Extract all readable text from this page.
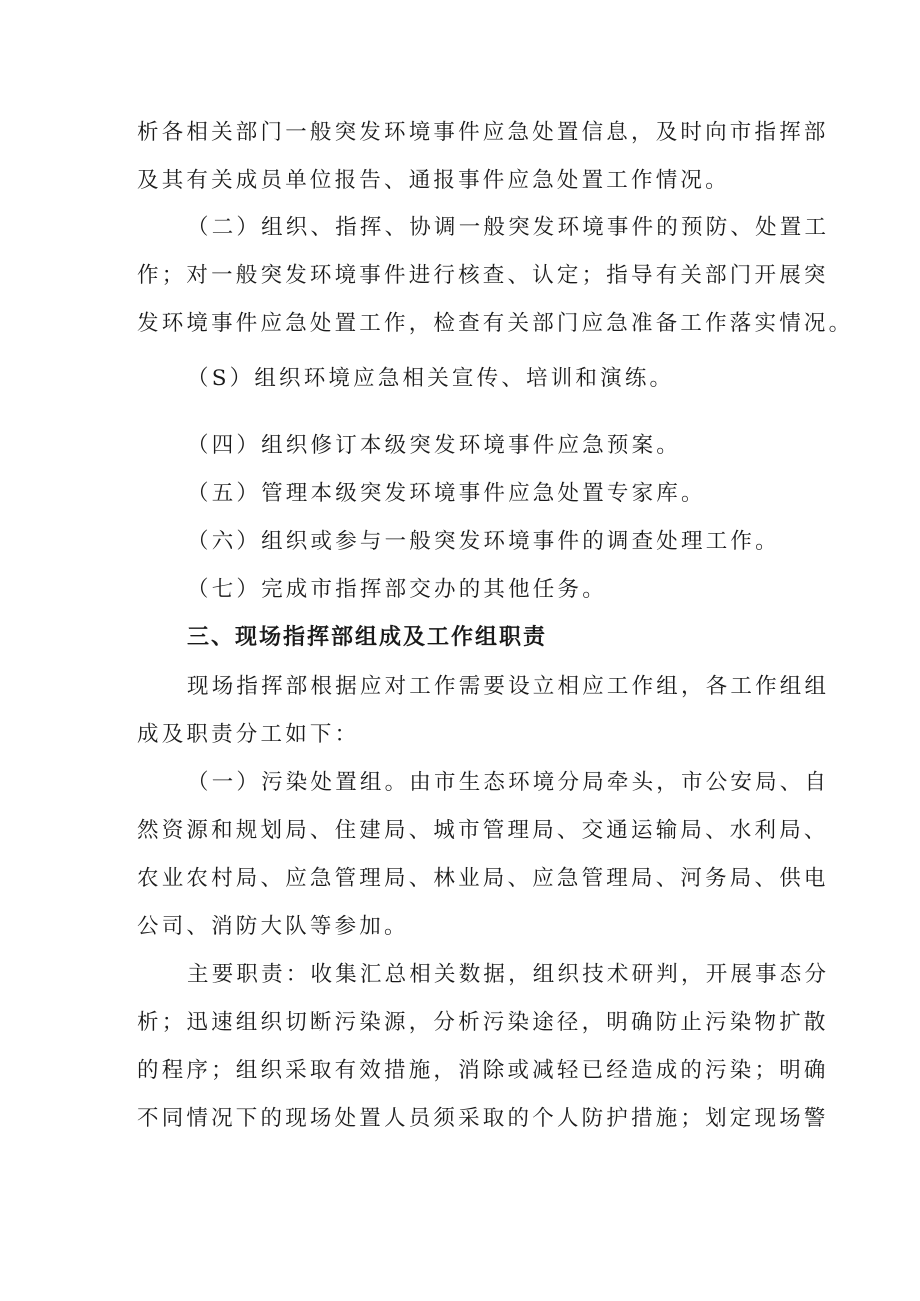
析各相关部门一般突发环境事件应急处置信息，及时向市指挥部
及其有关成员单位报告、通报事件应急处置工作情况。
（二）组织、指挥、协调一般突发环境事件的预防、处置工
作；对一般突发环境事件进行核查、认定；指导有关部门开展突
发环境事件应急处置工作，检查有关部门应急准备工作落实情况。
（S）组织环境应急相关宣传、培训和演练。
（四）组织修订本级突发环境事件应急预案。
（五）管理本级突发环境事件应急处置专家库。
（六）组织或参与一般突发环境事件的调查处理工作。
（七）完成市指挥部交办的其他任务。
三、现场指挥部组成及工作组职责
现场指挥部根据应对工作需要设立相应工作组，各工作组组
成及职责分工如下：
（一）污染处置组。由市生态环境分局牵头，市公安局、自
然资源和规划局、住建局、城市管理局、交通运输局、水利局、
农业农村局、应急管理局、林业局、应急管理局、河务局、供电
公司、消防大队等参加。
主要职责：收集汇总相关数据，组织技术研判，开展事态分
析；迅速组织切断污染源，分析污染途径，明确防止污染物扩散
的程序；组织采取有效措施，消除或减轻已经造成的污染；明确
不同情况下的现场处置人员须采取的个人防护措施；划定现场警
